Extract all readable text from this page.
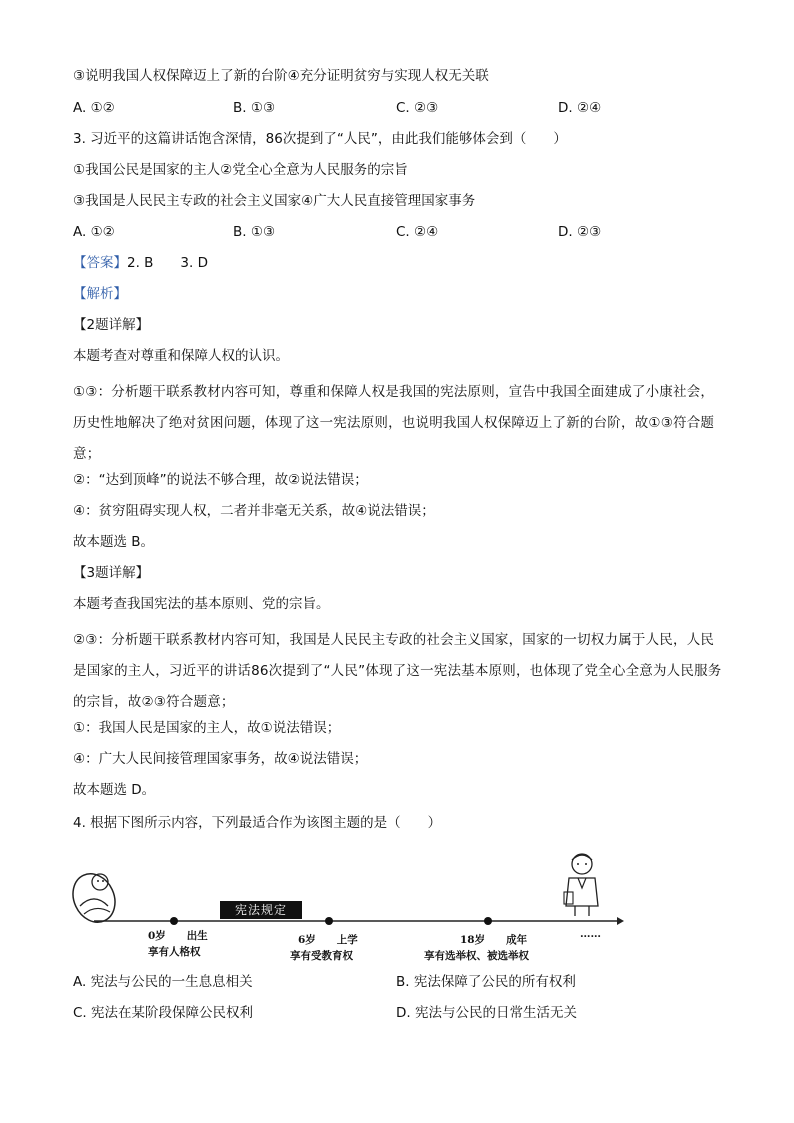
③说明我国人权保障迈上了新的台阶④充分证明贫穷与实现人权无关联
A. ①②	B. ①③	C. ②③	D. ②④
3. 习近平的这篇讲话饱含深情，86次提到了“人民”，由此我们能够体会到（　　）
①我国公民是国家的主人②党全心全意为人民服务的宗旨
③我国是人民民主专政的社会主义国家④广大人民直接管理国家事务
A. ①②	B. ①③	C. ②④	D. ②③
【答案】2. B　　3. D
【解析】
【2题详解】
本题考查对尊重和保障人权的认识。
①③：分析题干联系教材内容可知，尊重和保障人权是我国的宪法原则，宣告中我国全面建成了小康社会，历史性地解决了绝对贫困问题，体现了这一宪法原则，也说明我国人权保障迈上了新的台阶，故①③符合题意；
②：“达到顶峰”的说法不够合理，故②说法错误；
④：贫穷阻碍实现人权，二者并非毫无关系，故④说法错误；
故本题选 B。
【3题详解】
本题考查我国宪法的基本原则、党的宗旨。
②③：分析题干联系教材内容可知，我国是人民民主专政的社会主义国家，国家的一切权力属于人民，人民是国家的主人，习近平的讲话86次提到了“人民”体现了这一宪法基本原则，也体现了党全心全意为人民服务的宗旨，故②③符合题意；
①：我国人民是国家的主人，故①说法错误；
④：广大人民间接管理国家事务，故④说法错误；
故本题选 D。
4. 根据下图所示内容，下列最适合作为该图主题的是（　　）
宪法规定
0岁　　出生
享有人格权
6岁　　上学
享有受教育权
18岁　　成年
享有选举权、被选举权
……
A. 宪法与公民的一生息息相关	B. 宪法保障了公民的所有权利
C. 宪法在某阶段保障公民权利	D. 宪法与公民的日常生活无关
